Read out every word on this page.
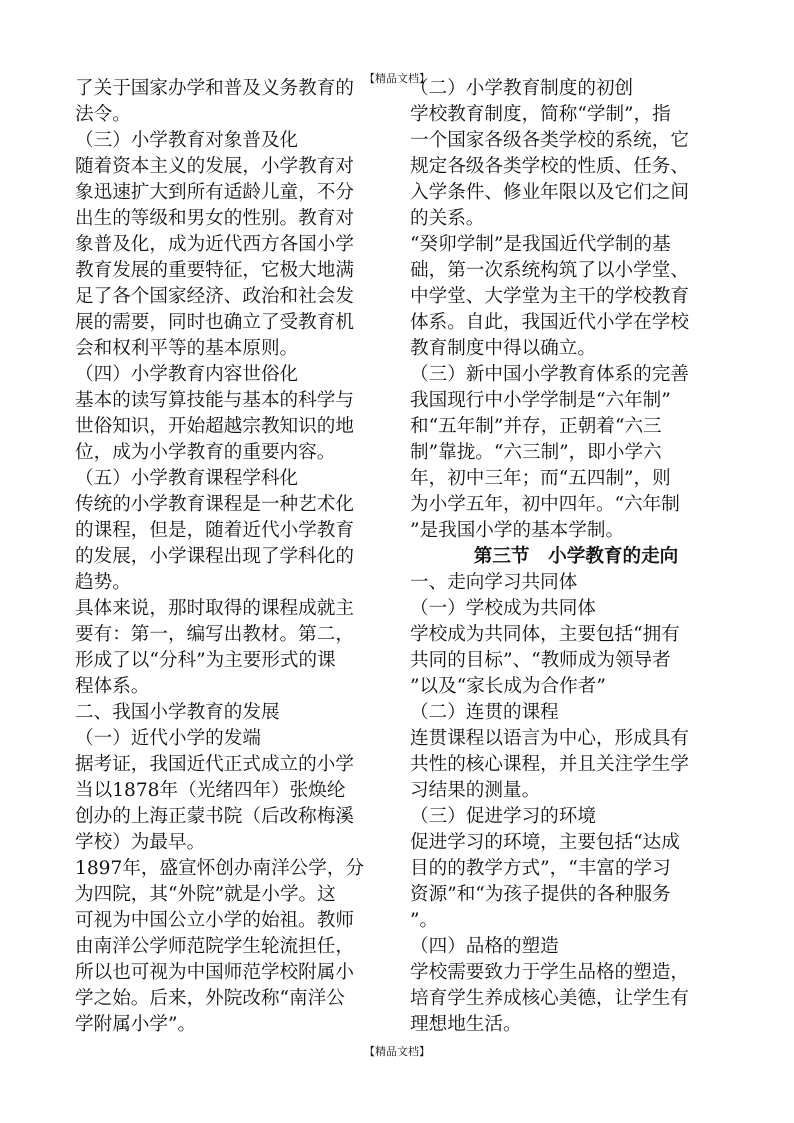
【精品文档】
了关于国家办学和普及义务教育的
法令。
（三）小学教育对象普及化
随着资本主义的发展，小学教育对
象迅速扩大到所有适龄儿童，不分
出生的等级和男女的性别。教育对
象普及化，成为近代西方各国小学
教育发展的重要特征，它极大地满
足了各个国家经济、政治和社会发
展的需要，同时也确立了受教育机
会和权利平等的基本原则。
（四）小学教育内容世俗化
基本的读写算技能与基本的科学与
世俗知识，开始超越宗教知识的地
位，成为小学教育的重要内容。
（五）小学教育课程学科化
传统的小学教育课程是一种艺术化
的课程，但是，随着近代小学教育
的发展，小学课程出现了学科化的
趋势。
具体来说，那时取得的课程成就主
要有：第一，编写出教材。第二，
形成了以“分科”为主要形式的课
程体系。
二、我国小学教育的发展
（一）近代小学的发端
据考证，我国近代正式成立的小学
当以1878年（光绪四年）张焕纶
创办的上海正蒙书院（后改称梅溪
学校）为最早。
1897年，盛宣怀创办南洋公学，分
为四院，其“外院”就是小学。这
可视为中国公立小学的始祖。教师
由南洋公学师范院学生轮流担任，
所以也可视为中国师范学校附属小
学之始。后来，外院改称“南洋公
学附属小学”。
（二）小学教育制度的初创
学校教育制度，简称“学制”，指
一个国家各级各类学校的系统，它
规定各级各类学校的性质、任务、
入学条件、修业年限以及它们之间
的关系。
“癸卯学制”是我国近代学制的基
础，第一次系统构筑了以小学堂、
中学堂、大学堂为主干的学校教育
体系。自此，我国近代小学在学校
教育制度中得以确立。
（三）新中国小学教育体系的完善
我国现行中小学学制是“六年制”
和“五年制”并存，正朝着“六三
制”靠拢。“六三制”，即小学六
年，初中三年；而“五四制”，则
为小学五年，初中四年。“六年制
”是我国小学的基本学制。
第三节　小学教育的走向
一、走向学习共同体
（一）学校成为共同体
学校成为共同体，主要包括“拥有
共同的目标”、“教师成为领导者
”以及“家长成为合作者”
（二）连贯的课程
连贯课程以语言为中心，形成具有
共性的核心课程，并且关注学生学
习结果的测量。
（三）促进学习的环境
促进学习的环境，主要包括“达成
目的的教学方式”，“丰富的学习
资源”和“为孩子提供的各种服务
”。
（四）品格的塑造
学校需要致力于学生品格的塑造，
培育学生养成核心美德，让学生有
理想地生活。
【精品文档】
